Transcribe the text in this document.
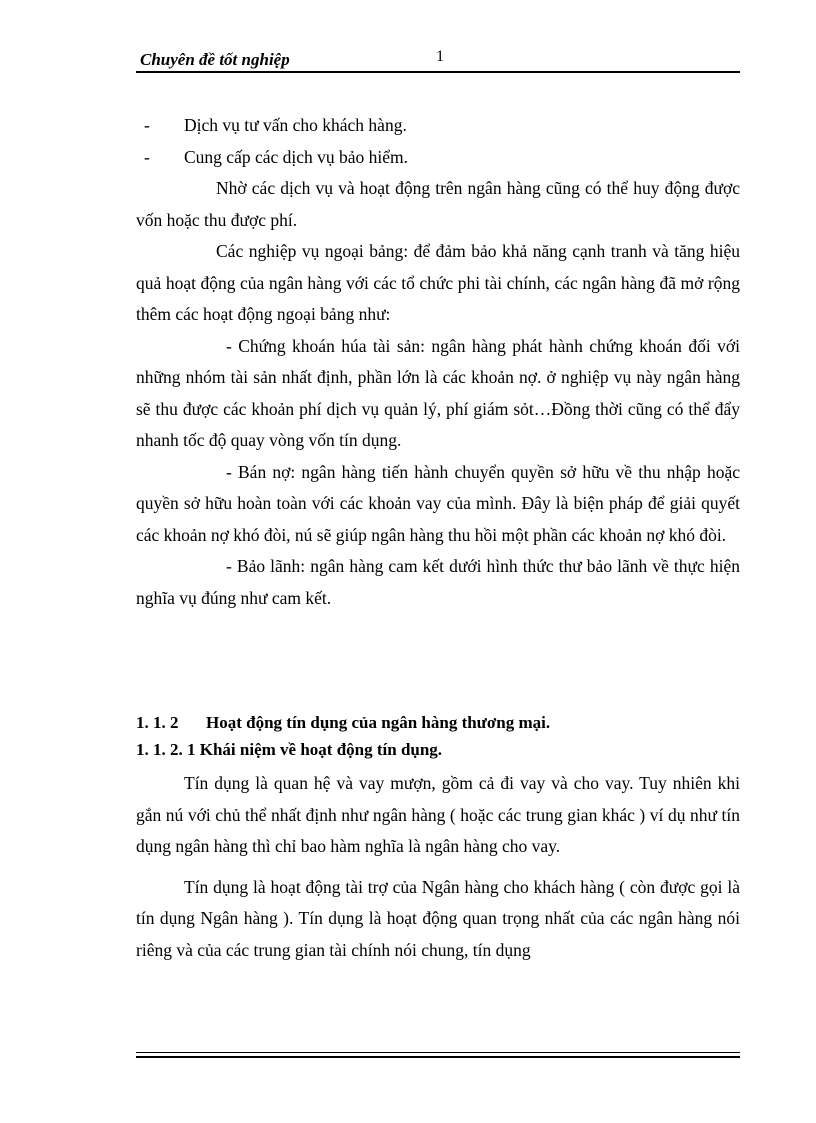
Chuyên đề tốt nghiệp	1

- Dịch vụ tư vấn cho khách hàng.

- Cung cấp các dịch vụ bảo hiểm.

Nhờ các dịch vụ và hoạt động trên ngân hàng cũng có thể huy động được vốn hoặc thu được phí.

Các nghiệp vụ ngoại bảng: để đảm bảo khả năng cạnh tranh và tăng hiệu quả hoạt động của ngân hàng với các tổ chức phi tài chính, các ngân hàng đã mở rộng thêm các hoạt động ngoại bảng như:

- Chứng khoán húa tài sản: ngân hàng phát hành chứng khoán đối với những nhóm tài sản nhất định, phần lớn là các khoản nợ. ở nghiệp vụ này ngân hàng sẽ thu được các khoản phí dịch vụ quản lý, phí giám sỏt…Đồng thời cũng có thể đẩy nhanh tốc độ quay vòng vốn tín dụng.

- Bán nợ: ngân hàng tiến hành chuyển quyền sở hữu về thu nhập hoặc quyền sở hữu hoàn toàn với các khoản vay của mình. Đây là biện pháp để giải quyết các khoản nợ khó đòi, nú sẽ giúp ngân hàng thu hồi một phần các khoản nợ khó đòi.

- Bảo lãnh: ngân hàng cam kết dưới hình thức thư bảo lãnh về thực hiện nghĩa vụ đúng như cam kết.

1. 1. 2 Hoạt động tín dụng của ngân hàng thương mại.
1. 1. 2. 1 Khái niệm về hoạt động tín dụng.

Tín dụng là quan hệ và vay mượn, gồm cả đi vay và cho vay. Tuy nhiên khi gắn nú với chủ thể nhất định như ngân hàng ( hoặc các trung gian khác ) ví dụ như tín dụng ngân hàng thì chỉ bao hàm nghĩa là ngân hàng cho vay.

Tín dụng là hoạt động tài trợ của Ngân hàng cho khách hàng ( còn được gọi là tín dụng Ngân hàng ). Tín dụng là hoạt động quan trọng nhất của các ngân hàng nói riêng và của các trung gian tài chính nói chung, tín dụng
